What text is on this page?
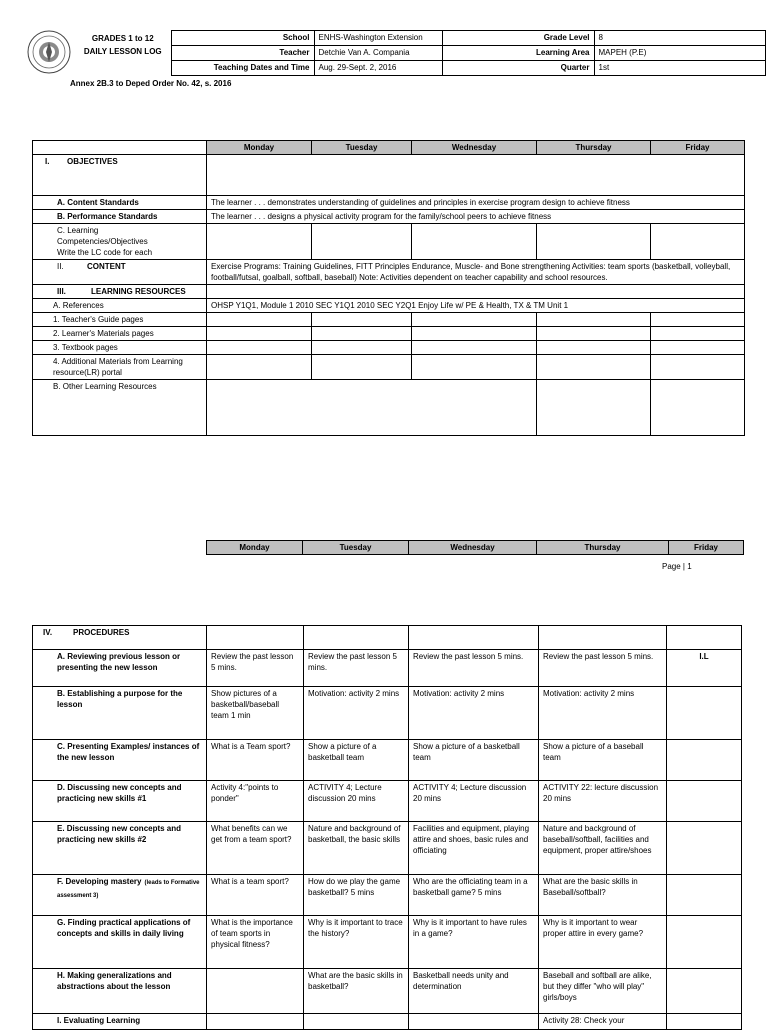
GRADES 1 to 12
DAILY LESSON LOG	School	ENHS-Washington Extension	Grade Level	8
	Teacher	Detchie Van A. Compania	Learning Area	MAPEH (P.E)
	Teaching Dates and Time	Aug. 29-Sept. 2, 2016	Quarter	1st
Annex 2B.3 to Deped Order No. 42, s. 2016
	Monday	Tuesday	Wednesday	Thursday	Friday
I. OBJECTIVES					
A. Content Standards	The learner . . . demonstrates understanding of guidelines and principles in exercise program design to achieve fitness				
B. Performance Standards	The learner . . . designs a physical activity program for the family/school peers to achieve fitness				
C. Learning Competencies/Objectives Write the LC code for each					
II. CONTENT	Exercise Programs: Training Guidelines, FITT Principles Endurance, Muscle- and Bone strengthening Activities: team sports (basketball, volleyball, football/futsal, goalball, softball, baseball) Note: Activities dependent on teacher capability and school resources.				
III. LEARNING RESOURCES					
A. References	OHSP Y1Q1, Module 1 2010 SEC Y1Q1 2010 SEC Y2Q1 Enjoy Life w/ PE & Health, TX & TM Unit 1				
1. Teacher's Guide pages					
2. Learner's Materials pages					
3. Textbook pages					
4. Additional Materials from Learning resource(LR) portal					
B. Other Learning Resources					
Monday	Tuesday	Wednesday	Thursday	Friday
Page | 1
IV. PROCEDURES					
A. Reviewing previous lesson or presenting the new lesson	Review the past lesson 5 mins.	Review the past lesson 5 mins.	Review the past lesson 5 mins.	Review the past lesson 5 mins.	I.L
B. Establishing a purpose for the lesson	Show pictures of a basketball/baseball team 1 min	Motivation: activity 2 mins	Motivation: activity 2 mins	Motivation: activity 2 mins	
C. Presenting Examples/ instances of the new lesson	What is a Team sport?	Show a picture of a basketball team	Show a picture of a basketball team	Show a picture of a baseball team	
D. Discussing new concepts and practicing new skills #1	Activity 4:"points to ponder"	ACTIVITY 4; Lecture discussion 20 mins	ACTIVITY 4; Lecture discussion 20 mins	ACTIVITY 22: lecture discussion 20 mins	
E. Discussing new concepts and practicing new skills #2	What benefits can we get from a team sport?	Nature and background of basketball, the basic skills	Facilities and equipment, playing attire and shoes, basic rules and officiating	Nature and background of baseball/softball, facilities and equipment, proper attire/shoes	
F. Developing mastery (leads to Formative assessment 3)	What is a team sport?	How do we play the game basketball? 5 mins	Who are the officiating team in a basketball game? 5 mins	What are the basic skills in Baseball/softball?	
G. Finding practical applications of concepts and skills in daily living	What is the importance of team sports in physical fitness?	Why is it important to trace the history?	Why is it important to have rules in a game?	Why is it important to wear proper attire in every game?	
H. Making generalizations and abstractions about the lesson		What are the basic skills in basketball?	Basketball needs unity and determination	Baseball and softball are alike, but they differ "who will play" girls/boys	
I. Evaluating Learning				Activity 28: Check your	
